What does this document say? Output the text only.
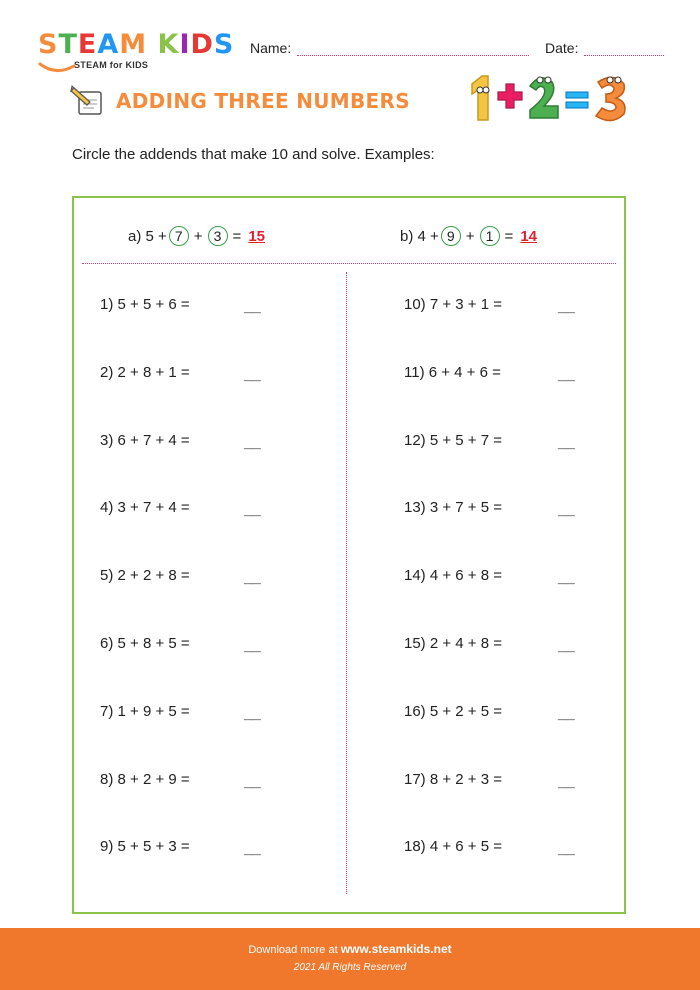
STEAM KIDS
STEAM for KIDS
Name:	Date:
ADDING THREE NUMBERS
Circle the addends that make 10 and solve. Examples:
a) 5 + 7 + 3 = 15	b) 4 + 9 + 1 = 14
1) 5 + 5 + 6 =	__
2) 2 + 8 + 1 =	__
3) 6 + 7 + 4 =	__
4) 3 + 7 + 4 =	__
5) 2 + 2 + 8 =	__
6) 5 + 8 + 5 =	__
7) 1 + 9 + 5 =	__
8) 8 + 2 + 9 =	__
9) 5 + 5 + 3 =	__
10) 7 + 3 + 1 =	__
11) 6 + 4 + 6 =	__
12) 5 + 5 + 7 =	__
13) 3 + 7 + 5 =	__
14) 4 + 6 + 8 =	__
15) 2 + 4 + 8 =	__
16) 5 + 2 + 5 =	__
17) 8 + 2 + 3 =	__
18) 4 + 6 + 5 =	__
Download more at www.steamkids.net
2021 All Rights Reserved
